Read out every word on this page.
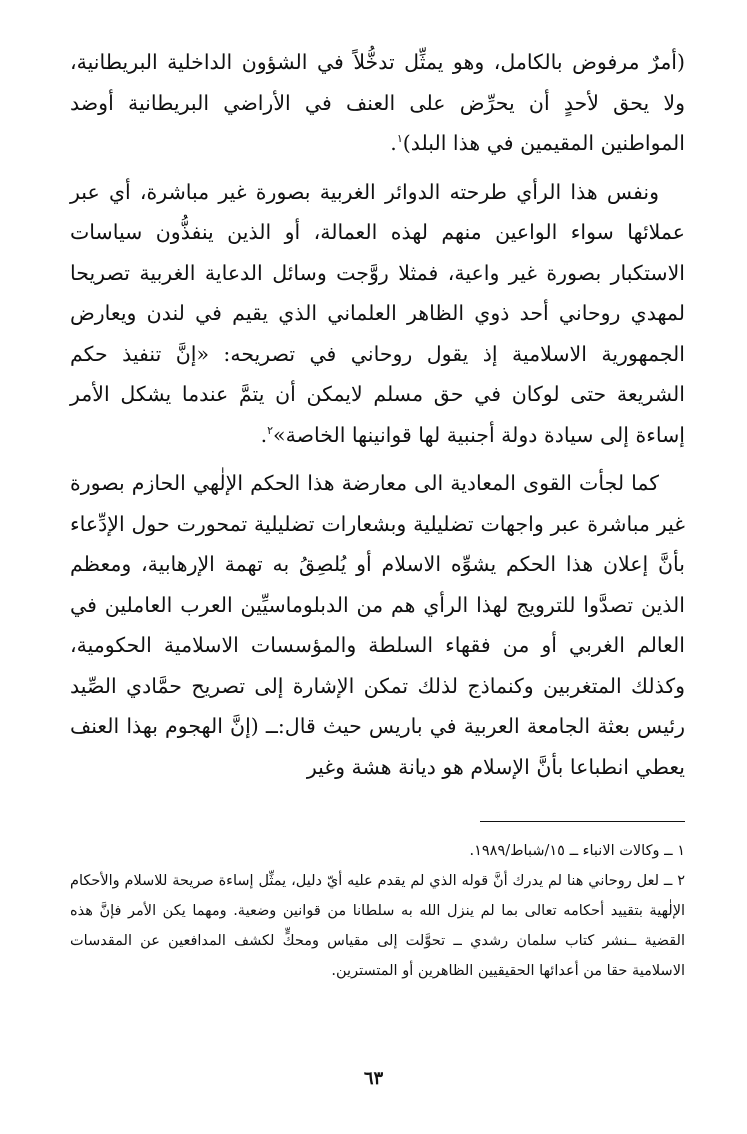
(أمرٌ مرفوض بالكامل، وهو يمثِّل تدخُّلاً في الشؤون الداخلية البريطانية، ولا يحق لأحدٍ أن يحرِّض على العنف في الأراضي البريطانية أوضد المواطنين المقيمين في هذا البلد)$^١$.

ونفس هذا الرأي طرحته الدوائر الغربية بصورة غير مباشرة، أي عبر عملائها سواء الواعين منهم لهذه العمالة، أو الذين ينفذُّون سياسات الاستكبار بصورة غير واعية، فمثلا روَّجت وسائل الدعاية الغربية تصريحا لمهدي روحاني أحد ذوي الظاهر العلماني الذي يقيم في لندن ويعارض الجمهورية الاسلامية إذ يقول روحاني في تصريحه: «إنَّ تنفيذ حكم الشريعة حتى لوكان في حق مسلم لايمكن أن يتمَّ عندما يشكل الأمر إساءة إلى سيادة دولة أجنبية لها قوانينها الخاصة»$^٢$.

كما لجأت القوى المعادية الى معارضة هذا الحكم الإلٰهي الحازم بصورة غير مباشرة عبر واجهات تضليلية وبشعارات تضليلية تمحورت حول الإدِّعاء بأنَّ إعلان هذا الحكم يشوِّه الاسلام أو يُلصِقُ به تهمة الإرهابية، ومعظم الذين تصدَّوا للترويج لهذا الرأي هم من الدبلوماسيِّين العرب العاملين في العالم الغربي أو من فقهاء السلطة والمؤسسات الاسلامية الحكومية، وكذلك المتغربين وكنماذج لذلك تمكن الإشارة إلى تصريح حمَّادي الصِّيد رئيس بعثة الجامعة العربية في باريس حيث قال:ــ (إنَّ الهجوم بهذا العنف يعطي انطباعا بأنَّ الإسلام هو ديانة هشة وغير

١ ــ وكالات الانباء ــ ١٥/شباط/١٩٨٩.

٢ ــ لعل روحاني هنا لم يدرك أنَّ قوله الذي لم يقدم عليه أيّ دليل، يمثِّل إساءة صريحة للاسلام والأحكام الإلٰهية بتقييد أحكامه تعالى بما لم ينزل الله به سلطانا من قوانين وضعية. ومهما يكن الأمر فإنَّ هذه القضية ــنشر كتاب سلمان رشدي ــ تحوَّلت إلى مقياس ومحكٍّ لكشف المدافعين عن المقدسات الاسلامية حقا من أعدائها الحقيقيين الظاهرين أو المتسترين.

٦٣
